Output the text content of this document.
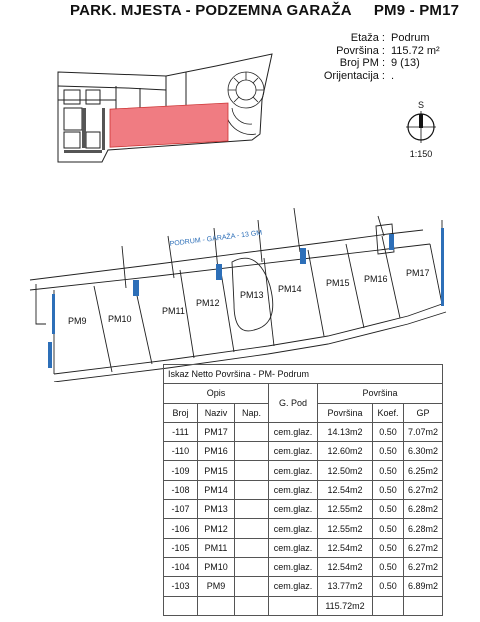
PARK. MJESTA - PODZEMNA GARAŽA PM9 - PM17
Etaža : Podrum
Površina : 115.72 m²
Broj PM : 9 (13)
Orijentacija : .
S
1:150
PODRUM - GARAŽA - 13 GM
PM9 PM10
PM11
PM12
PM13
PM14
PM15 PM16
PM17
Iskaz Netto Površina - PM- Podrum						
Opis			G. Pod	Površina		
Broj	Naziv	Nap.		Površina	Koef.	GP
-111	PM17		cem.glaz.	14.13m2	0.50	7.07m2
-110	PM16		cem.glaz.	12.60m2	0.50	6.30m2
-109	PM15		cem.glaz.	12.50m2	0.50	6.25m2
-108	PM14		cem.glaz.	12.54m2	0.50	6.27m2
-107	PM13		cem.glaz.	12.55m2	0.50	6.28m2
-106	PM12		cem.glaz.	12.55m2	0.50	6.28m2
-105	PM11		cem.glaz.	12.54m2	0.50	6.27m2
-104	PM10		cem.glaz.	12.54m2	0.50	6.27m2
-103	PM9		cem.glaz.	13.77m2	0.50	6.89m2
				115.72m2		
